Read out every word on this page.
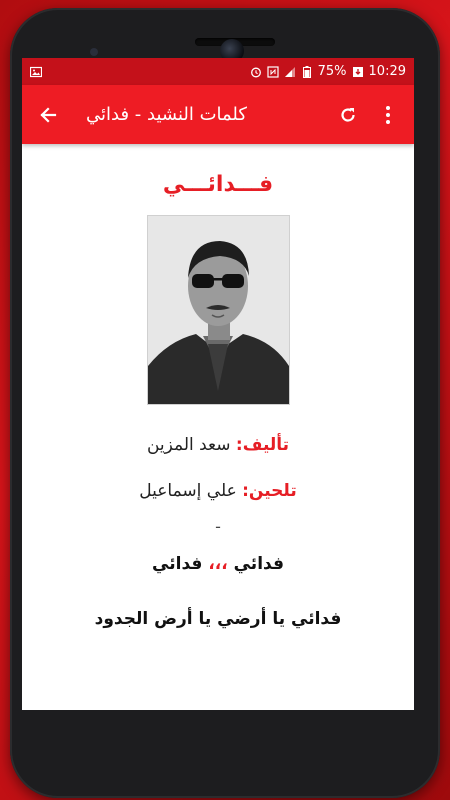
75% 10:29
كلمات النشيد - فدائي
فـــدائـــي
تأليف: سعد المزين
تلحين: علي إسماعيل
-
فدائي ،،، فدائي
فدائي يا أرضي يا أرض الجدود
